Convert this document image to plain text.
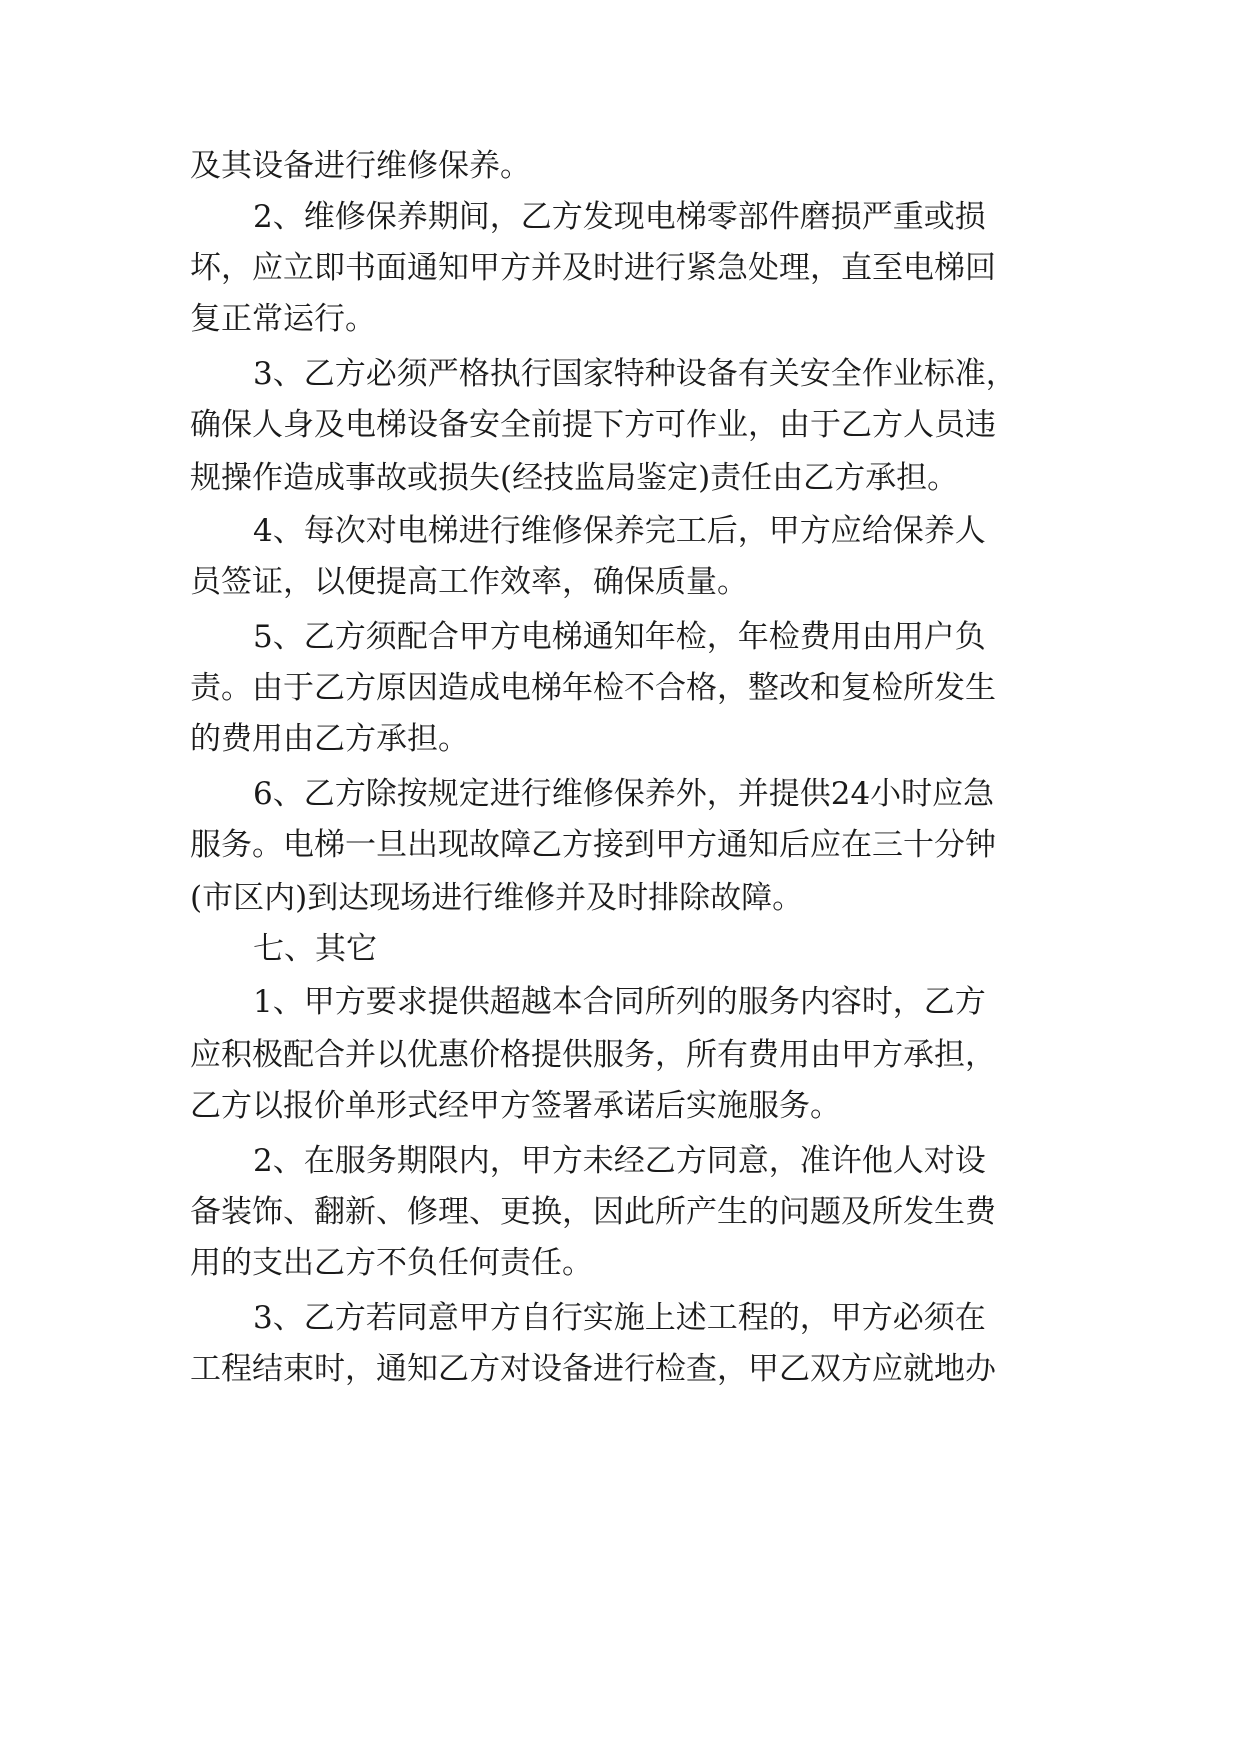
及其设备进行维修保养。
2、维修保养期间，乙方发现电梯零部件磨损严重或损
坏，应立即书面通知甲方并及时进行紧急处理，直至电梯回
复正常运行。
3、乙方必须严格执行国家特种设备有关安全作业标准，
确保人身及电梯设备安全前提下方可作业，由于乙方人员违
规操作造成事故或损失(经技监局鉴定)责任由乙方承担。
4、每次对电梯进行维修保养完工后，甲方应给保养人
员签证，以便提高工作效率，确保质量。
5、乙方须配合甲方电梯通知年检，年检费用由用户负
责。由于乙方原因造成电梯年检不合格，整改和复检所发生
的费用由乙方承担。
6、乙方除按规定进行维修保养外，并提供24小时应急
服务。电梯一旦出现故障乙方接到甲方通知后应在三十分钟
(市区内)到达现场进行维修并及时排除故障。
七、其它
1、甲方要求提供超越本合同所列的服务内容时，乙方
应积极配合并以优惠价格提供服务，所有费用由甲方承担，
乙方以报价单形式经甲方签署承诺后实施服务。
2、在服务期限内，甲方未经乙方同意，准许他人对设
备装饰、翻新、修理、更换，因此所产生的问题及所发生费
用的支出乙方不负任何责任。
3、乙方若同意甲方自行实施上述工程的，甲方必须在
工程结束时，通知乙方对设备进行检查，甲乙双方应就地办
